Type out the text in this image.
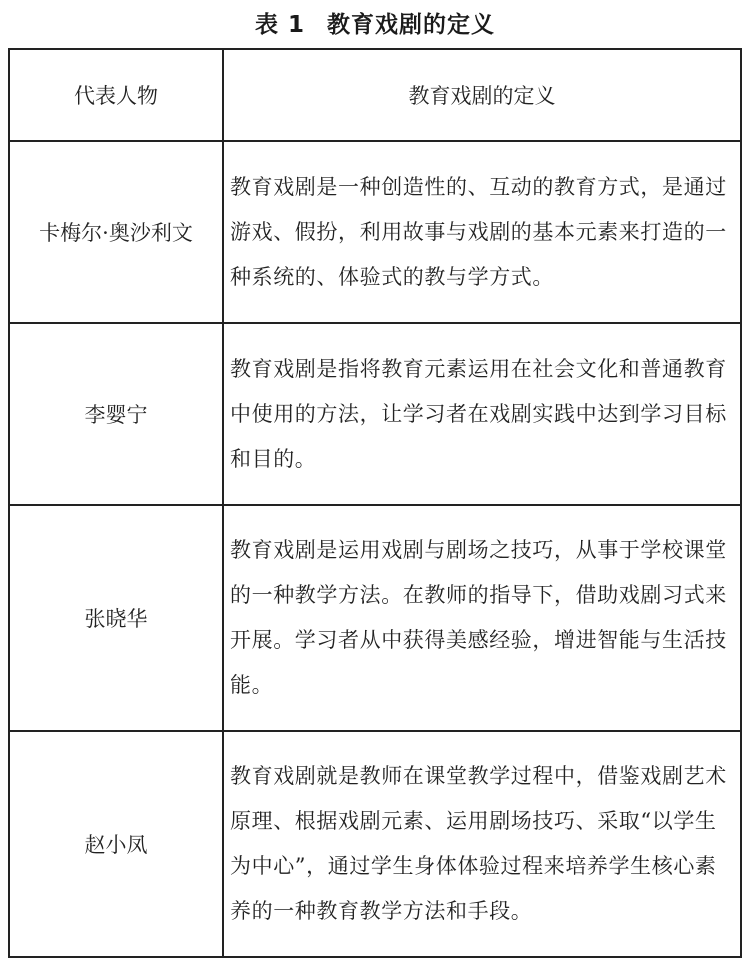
表 1 教育戏剧的定义
代表人物	教育戏剧的定义
卡梅尔·奥沙利文	教育戏剧是一种创造性的、互动的教育方式，是通过游戏、假扮，利用故事与戏剧的基本元素来打造的一种系统的、体验式的教与学方式。
李婴宁	教育戏剧是指将教育元素运用在社会文化和普通教育中使用的方法，让学习者在戏剧实践中达到学习目标和目的。
张晓华	教育戏剧是运用戏剧与剧场之技巧，从事于学校课堂的一种教学方法。在教师的指导下，借助戏剧习式来开展。学习者从中获得美感经验，增进智能与生活技能。
赵小凤	教育戏剧就是教师在课堂教学过程中，借鉴戏剧艺术原理、根据戏剧元素、运用剧场技巧、采取“以学生为中心”，通过学生身体体验过程来培养学生核心素养的一种教育教学方法和手段。
